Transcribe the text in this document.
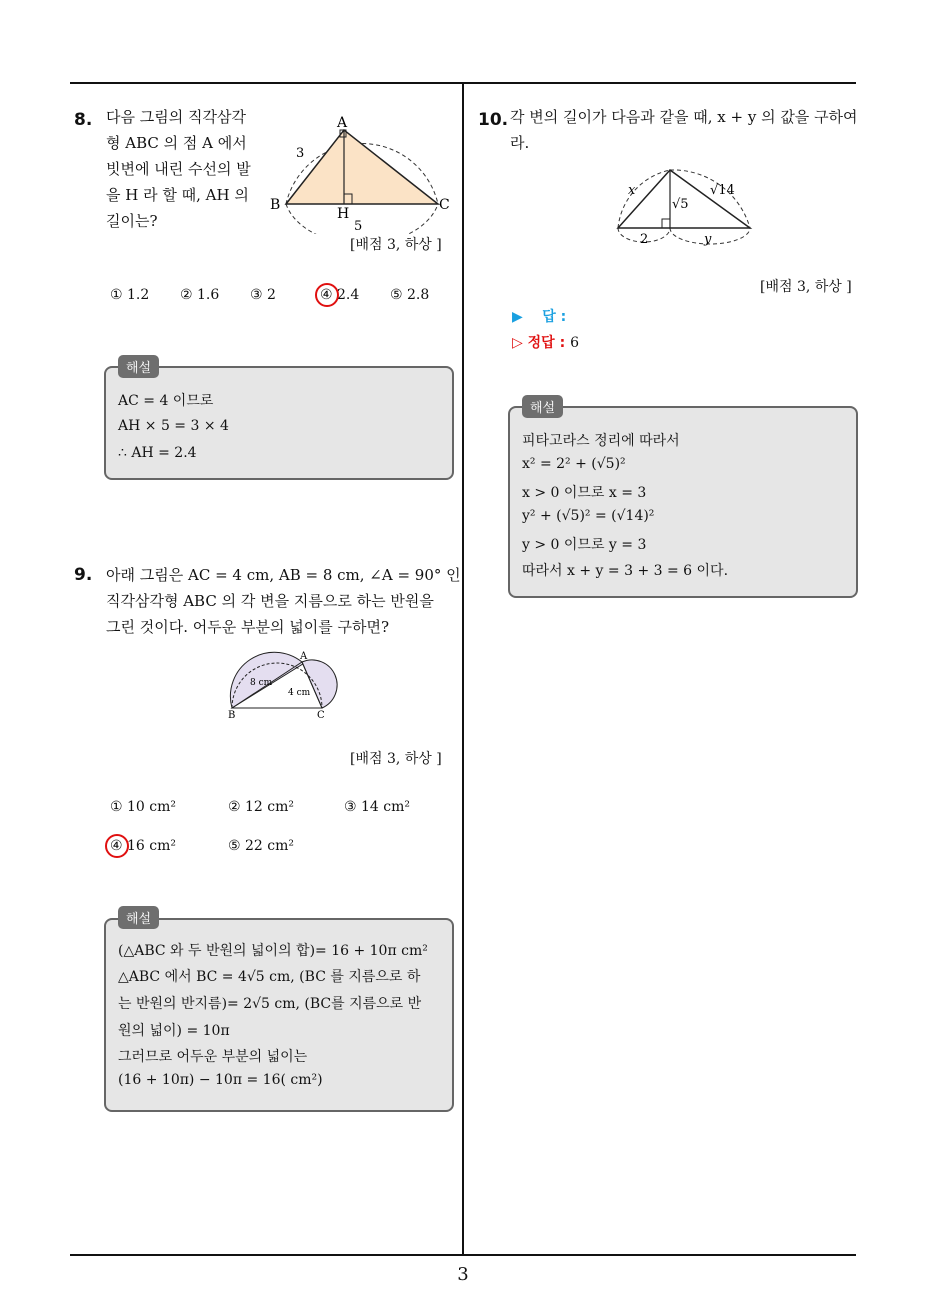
3
8. 다음 그림의 직각삼각
형 ABC 의 점 A 에서
빗변에 내린 수선의 발
을 H 라 할 때, AH 의
길이는?
A
B	C
H
3
5
[배점 3, 하상 ]
① 1.2 ② 1.6 ③ 2	④ 2.4 ⑤ 2.8
AC = 4 이므로
AH × 5 = 3 × 4
∴ AH = 2.4
해설
9. 아래 그림은 AC = 4 cm, AB = 8 cm, ∠A = 90° 인
직각삼각형 ABC 의 각 변을 지름으로 하는 반원을
그린 것이다. 어두운 부분의 넓이를 구하면?
A
B	C
8 cm
4 cm
[배점 3, 하상 ]
① 10 cm²	② 12 cm²	③ 14 cm²
④ 16 cm²	⑤ 22 cm²
(△ABC 와 두 반원의 넓이의 합)= 16 + 10π cm²
△ABC 에서 BC = 4√5 cm, (BC 를 지름으로 하
는 반원의 반지름)= 2√5 cm, (BC를 지름으로 반
원의 넓이) = 10π
그러므로 어두운 부분의 넓이는
(16 + 10π) − 10π = 16( cm²)
해설
10. 각 변의 길이가 다음과 같을 때, x + y 의 값을 구하여
라.
x
√5
√14
2	y
[배점 3, 하상 ]
▶ 답 :
▷ 정답 : 6
피타고라스 정리에 따라서
x² = 2² + (√5)²
x > 0 이므로 x = 3
y² + (√5)² = (√14)²
y > 0 이므로 y = 3
따라서 x + y = 3 + 3 = 6 이다.
해설
